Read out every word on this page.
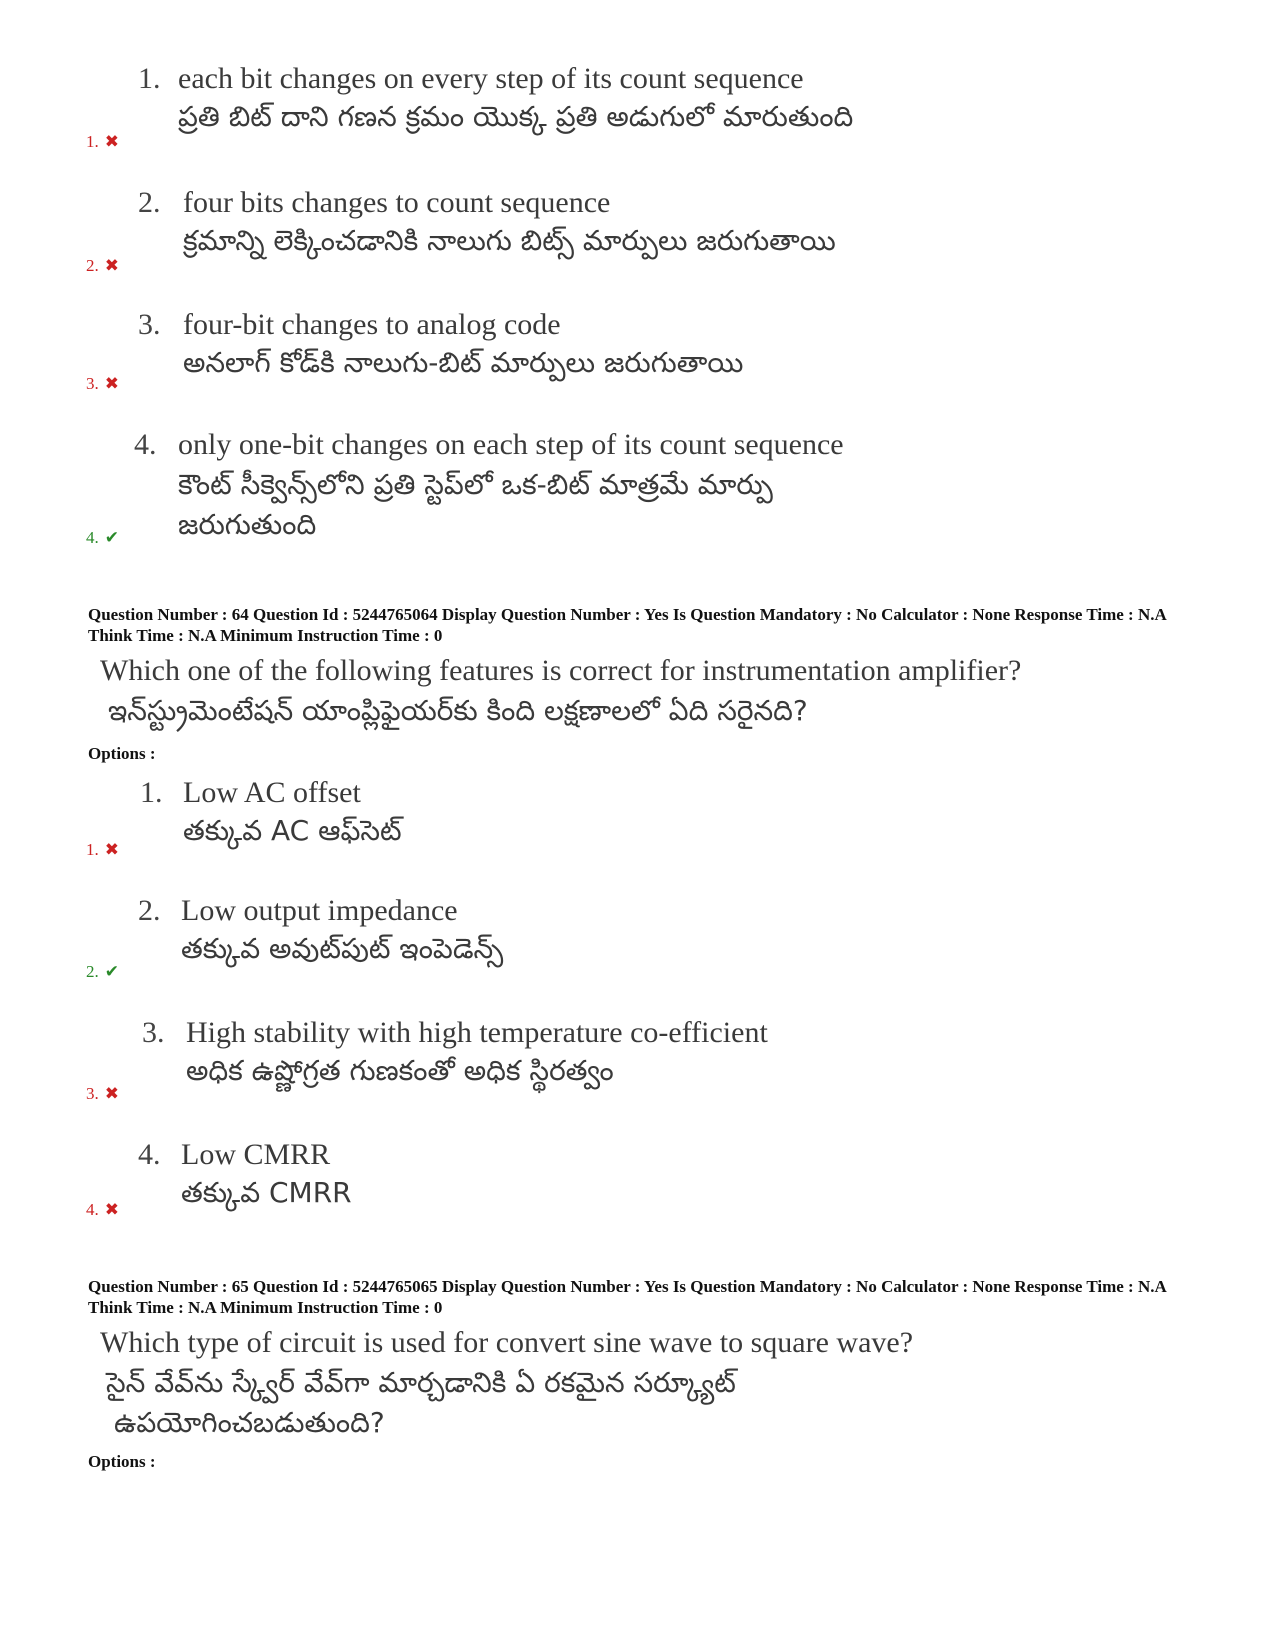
1. each bit changes on every step of its count sequence
ప్రతి బిట్ దాని గణన క్రమం యొక్క ప్రతి అడుగులో మారుతుంది
1. ✖
2. four bits changes to count sequence
క్రమాన్ని లెక్కించడానికి నాలుగు బిట్స్ మార్పులు జరుగుతాయి
2. ✖
3. four-bit changes to analog code
అనలాగ్ కోడ్‌కి నాలుగు-బిట్ మార్పులు జరుగుతాయి
3. ✖
4. only one-bit changes on each step of its count sequence
కౌంట్ సీక్వెన్స్‌లోని ప్రతి స్టెప్‌లో ఒక-బిట్ మాత్రమే మార్పు
జరుగుతుంది
4. ✔
Question Number : 64 Question Id : 5244765064 Display Question Number : Yes Is Question Mandatory : No Calculator : None Response Time : N.A Think Time : N.A Minimum Instruction Time : 0
Which one of the following features is correct for instrumentation amplifier?
ఇన్‌స్ట్రుమెంటేషన్ యాంప్లిఫైయర్‌కు కింది లక్షణాలలో ఏది సరైనది?
Options :
1. Low AC offset
తక్కువ AC ఆఫ్‌సెట్
1. ✖
2. Low output impedance
తక్కువ అవుట్‌పుట్ ఇంపెడెన్స్
2. ✔
3. High stability with high temperature co-efficient
అధిక ఉష్ణోగ్రత గుణకంతో అధిక స్థిరత్వం
3. ✖
4. Low CMRR
తక్కువ CMRR
4. ✖
Question Number : 65 Question Id : 5244765065 Display Question Number : Yes Is Question Mandatory : No Calculator : None Response Time : N.A Think Time : N.A Minimum Instruction Time : 0
Which type of circuit is used for convert sine wave to square wave?
సైన్ వేవ్‌ను స్క్వేర్ వేవ్‌గా మార్చడానికి ఏ రకమైన సర్క్యూట్
ఉపయోగించబడుతుంది?
Options :
